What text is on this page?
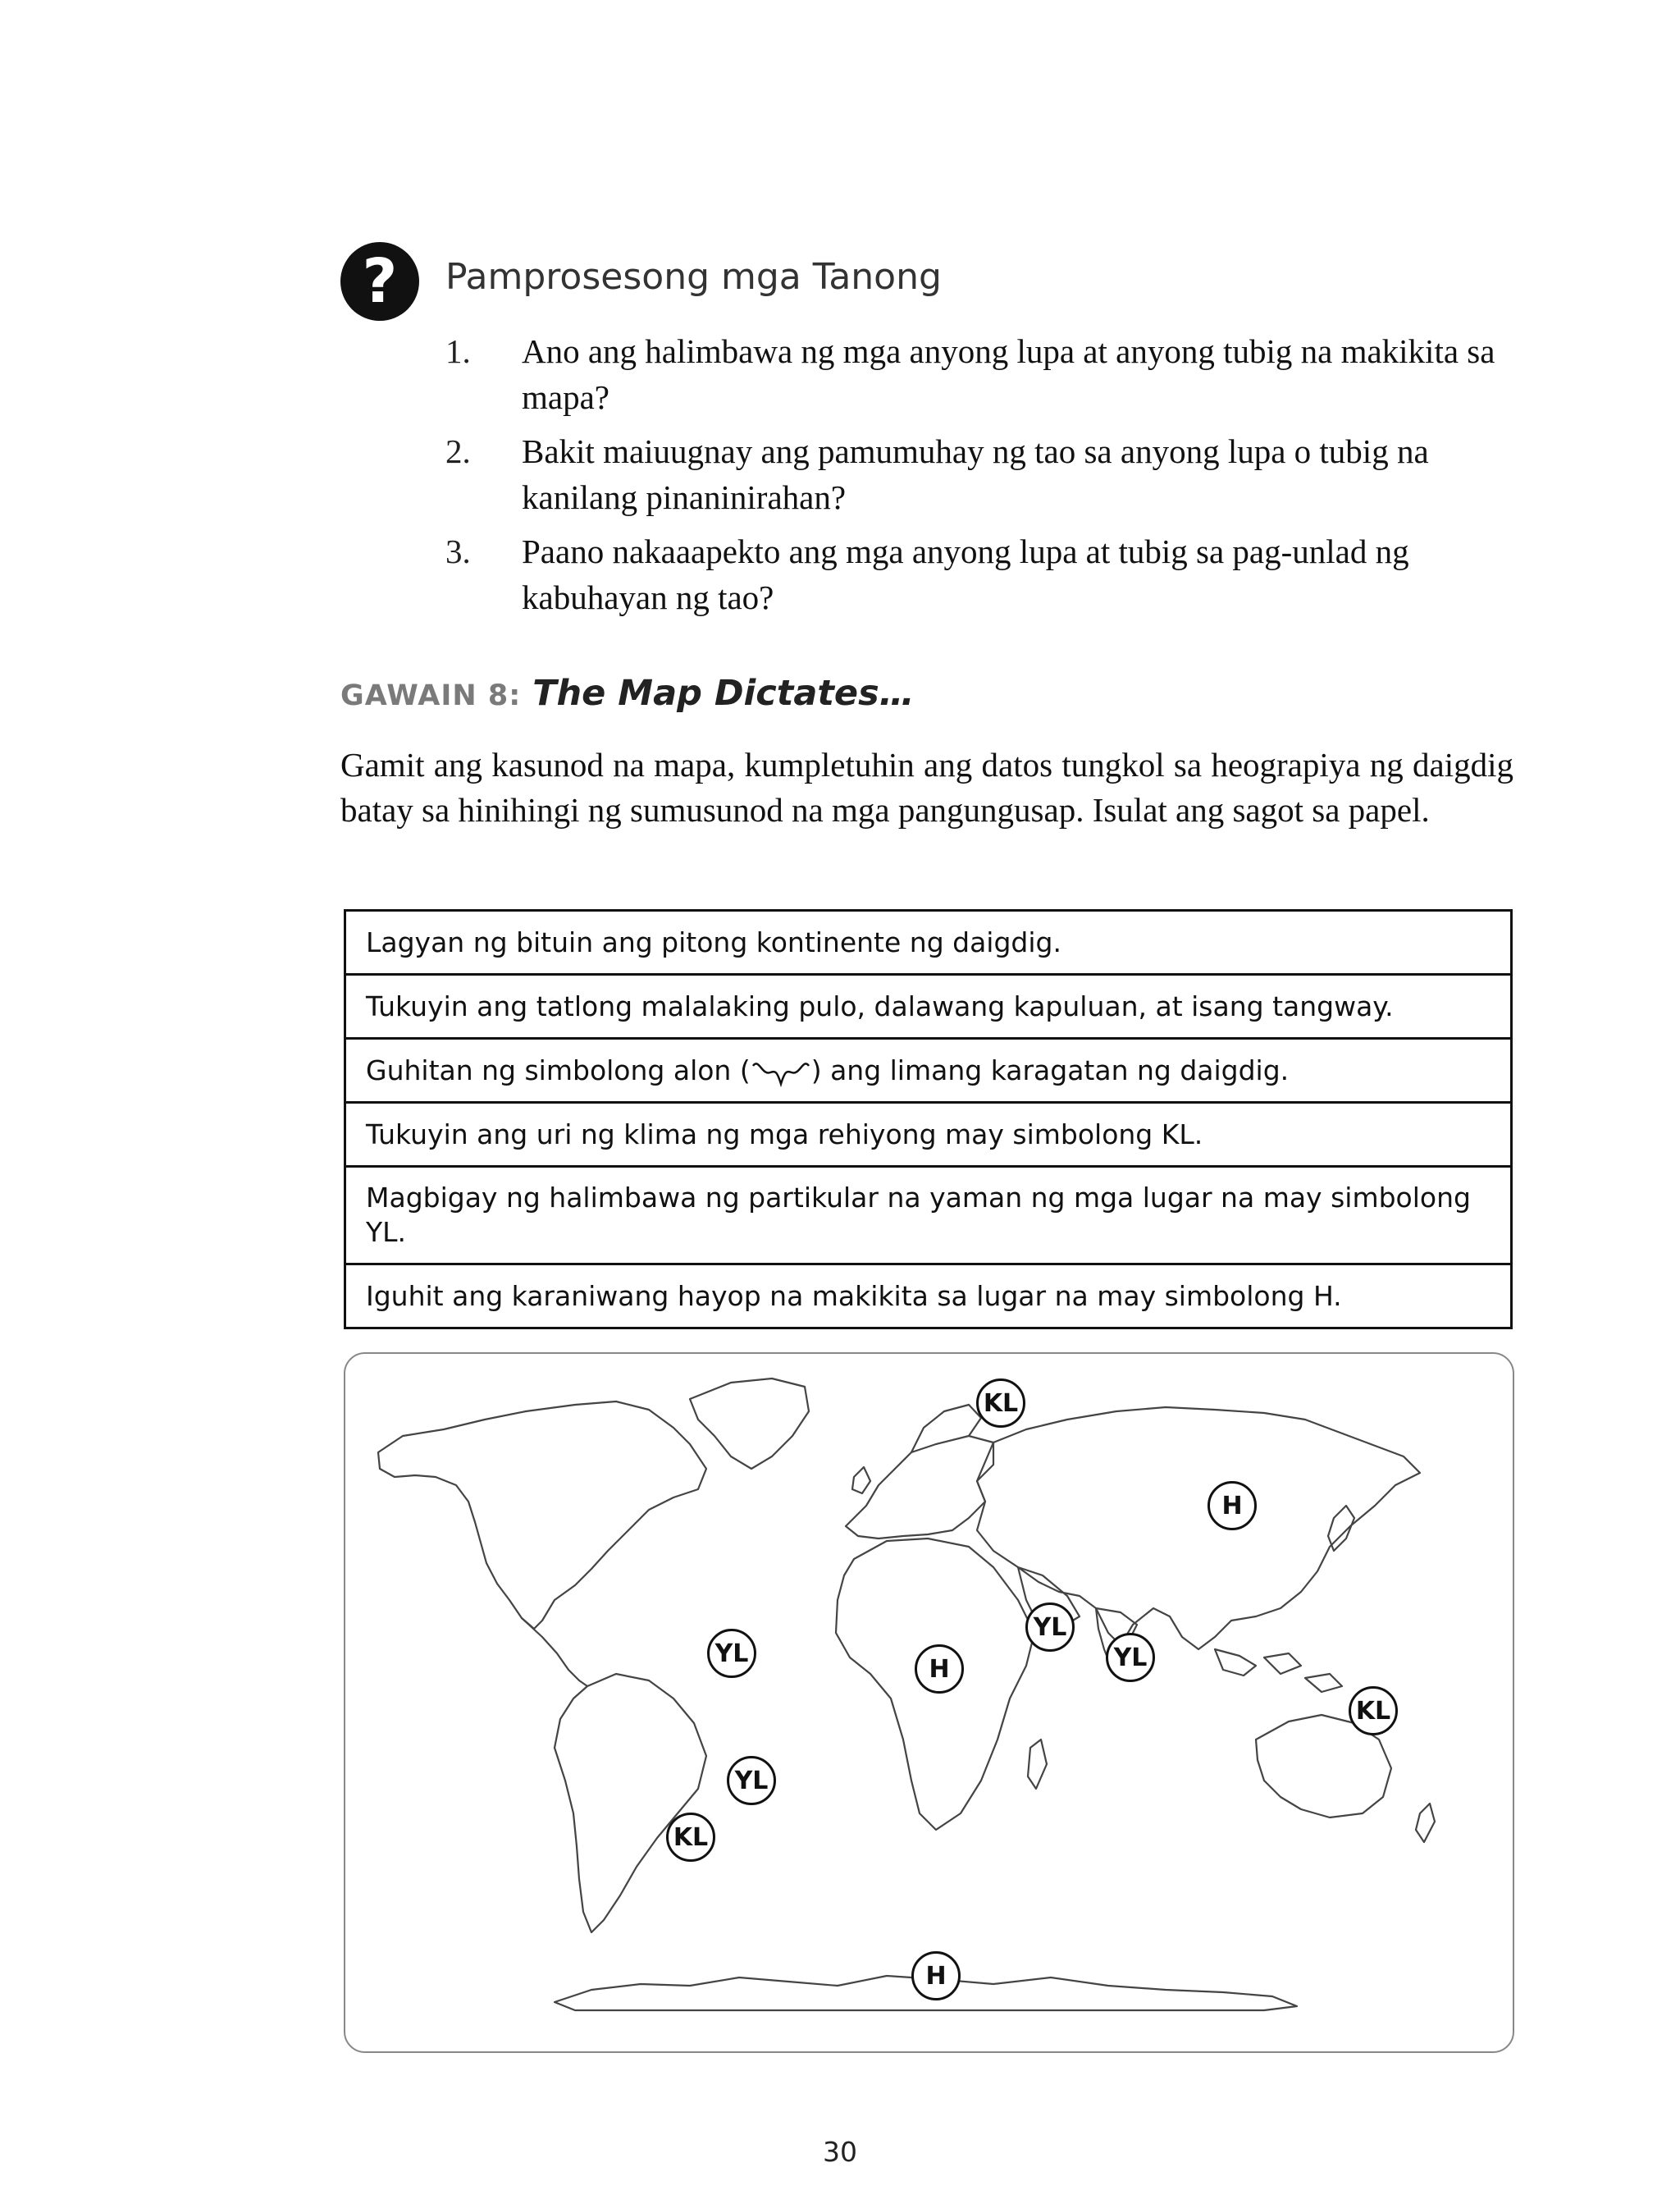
? Pamprosesong mga Tanong
1.	Ano ang halimbawa ng mga anyong lupa at anyong tubig na makikita sa mapa?
2.	Bakit maiuugnay ang pamumuhay ng tao sa anyong lupa o tubig na kanilang pinaninirahan?
3.	Paano nakaaapekto ang mga anyong lupa at tubig sa pag-unlad ng kabuhayan ng tao?
GAWAIN 8: The Map Dictates…

Gamit ang kasunod na mapa, kumpletuhin ang datos tungkol sa heograpiya ng daigdig batay sa hinihingi ng sumusunod na mga pangungusap. Isulat ang sagot sa papel.

Lagyan ng bituin ang pitong kontinente ng daigdig.
Tukuyin ang tatlong malalaking pulo, dalawang kapuluan, at isang tangway.
Guhitan ng simbolong alon ( ) ang limang karagatan ng daigdig.
Tukuyin ang uri ng klima ng mga rehiyong may simbolong KL.
Magbigay ng halimbawa ng partikular na yaman ng mga lugar na may simbolong YL.
Iguhit ang karaniwang hayop na makikita sa lugar na may simbolong H.
KL
H
YL
YL
H
YL
KL
YL
KL
H
30
